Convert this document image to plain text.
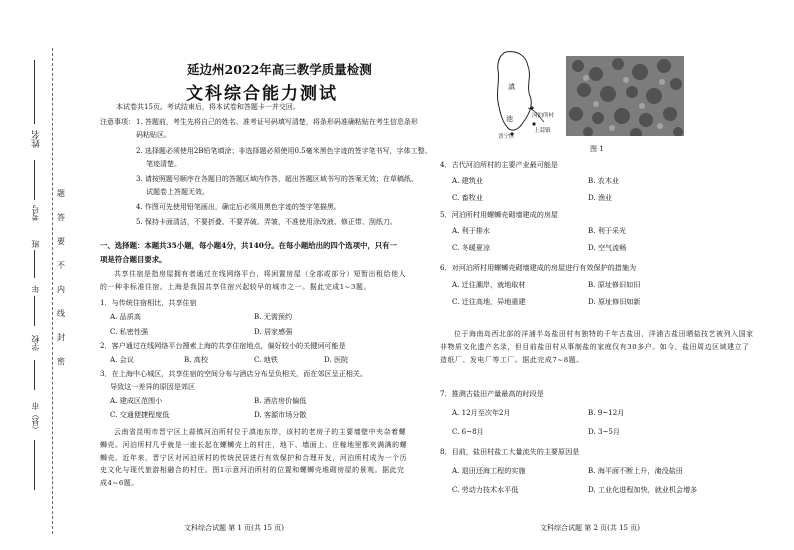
姓名
考号
班
年
学校
（县）市
题
答
要
不
内
线
封
密
延边州2022年高三教学质量检测
文科综合能力测试
本试卷共15页。考试结束后，将本试卷和答题卡一并交回。
注意事项： 1. 答题前，考生先将自己的姓名、准考证号码填写清楚，将条形码准确粘贴在考生信息条形
码粘贴区。
2. 选择题必须使用2B铅笔填涂；非选择题必须使用0.5毫米黑色字迹的签字笔书写，字体工整、
笔迹清楚。
3. 请按照题号顺序在各题目的答题区域内作答，超出答题区域书写的答案无效；在草稿纸、
试题卷上答题无效。
4. 作图可先使用铅笔画出，确定后必须用黑色字迹的签字笔描黑。
5. 保持卡面清洁，不要折叠、不要弄破、弄皱，不准使用涂改液、修正带、刮纸刀。
一、选择题：本题共35小题，每小题4分，共140分。在每小题给出的四个选项中，只有一
项是符合题目要求。
共享住宿是指房屋拥有者通过在线网络平台，将闲置房屋（全部或部分）短暂出租给他人的一种非标准住宿。上海是我国共享住宿兴起较早的城市之一。据此完成1~3题。
1．与传统住宿相比，共享住宿
A. 品质高	B. 无需预约
C. 私密性强	D. 居家感强
2．客户通过在线网络平台搜索上海的共享住宿地点，偏好较小的关键词可能是
A. 会议	B. 高校	C. 地铁	D. 医院
3．在上海中心城区，共享住宿的空间分布与酒店分布呈负相关，而在郊区呈正相关。
导致这一差异的原因是郊区
A. 建成区范围小	B. 酒店房价偏低
C. 交通便捷程度低	D. 客源市场分散
云南省昆明市晋宁区上蒜镇河泊所村位于滇池东岸，该村的老房子的主要墙壁中夹杂着螺蛳壳。河泊所村几乎就是一座长起在螺蛳壳上的村庄，地下、墙面上、庄稼地里都夹满满的螺蛳壳。近年来，晋宁区对河泊所村的传统民居进行有效保护和合理开发，河泊所村成为一个历史文化与现代旅游相融合的村庄。图1示意河泊所村的位置和螺蛳壳堆砌房屋的景观。据此完成4~6题。
文科综合试题 第 1 页(共 15 页)
滇
池	河泊所村
上蒜镇
晋宁区
图 1
4．古代河泊所村的主要产业最可能是
A. 建筑业	B. 农木业
C. 畜牧业	D. 渔业
5．河泊所村用螺蛳壳砌墙建成的房屋
A. 利于排水	B. 利于采光
C. 冬暖夏凉	D. 空气流畅
6．对河泊所村用螺蛳壳砌墙建成的房屋进行有效保护的措施为
A. 迁往潮岸，就地取材	B. 原址修旧如旧
C. 迁往高地，异地重建	D. 原址修旧如新
位于海南岛西北部的洋浦半岛盐田村有独特的千年古盐田，洋浦古盐田晒盐技艺被列入国家非物质文化遗产名录，但目前盐田村从事制盐的家庭仅有30多户。如今，盐田周边区域建立了造纸厂、发电厂等工厂。据此完成7~8题。
7．推测古盐田产量最高的时段是
A. 12月至次年2月	B. 9~12月
C. 6~8月	D. 3~5月
8．目前，盐田村盐工大量流失的主要原因是
A. 退田还海工程的实施	B. 海平面不断上升，淹没盐田
C. 劳动力技术水平低	D. 工业化进程加快，就业机会增多
文科综合试题 第 2 页(共 15 页)
